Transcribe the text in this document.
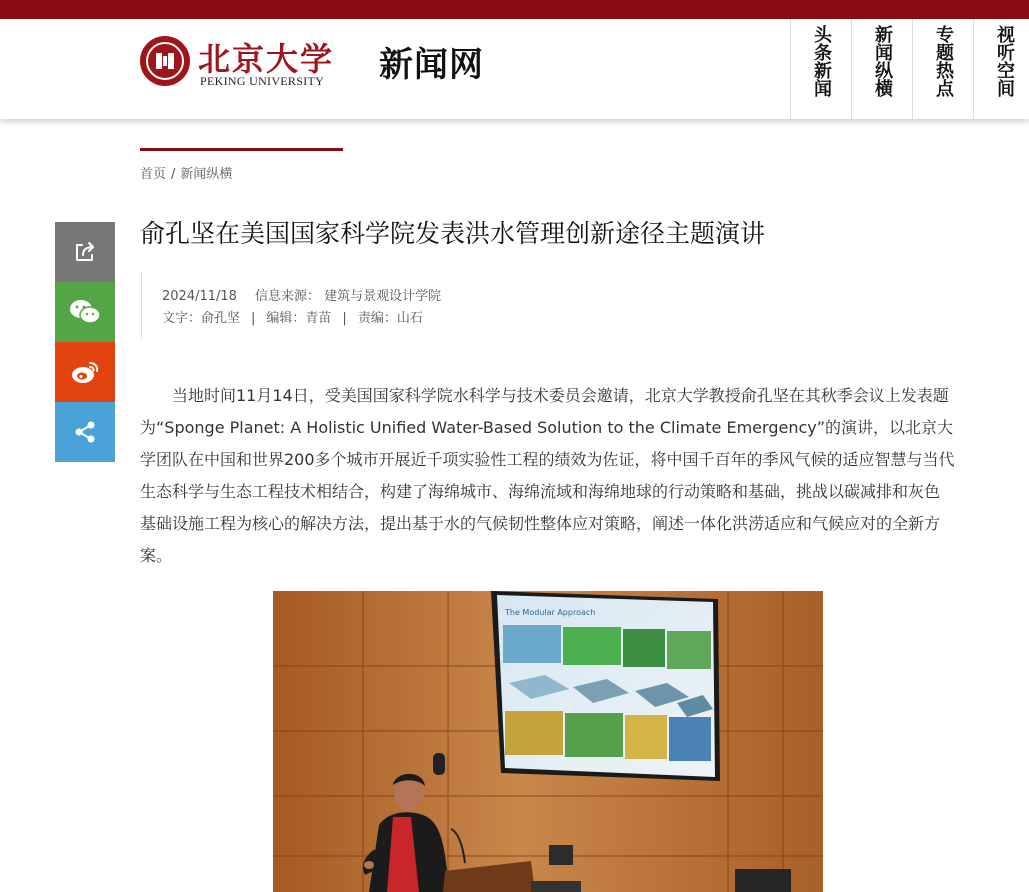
北京大学
PEKING UNIVERSITY 新闻网	头条新闻 新闻纵横 专题热点 视听空间
首页 / 新闻纵横
俞孔坚在美国国家科学院发表洪水管理创新途径主题演讲
2024/11/18 信息来源： 建筑与景观设计学院
文字：俞孔坚 | 编辑：青苗 | 责编：山石

当地时间11月14日，受美国国家科学院水科学与技术委员会邀请，北京大学教授俞孔坚在其秋季会议上发表题为“Sponge Planet: A Holistic Unified Water-Based Solution to the Climate Emergency”的演讲，以北京大学团队在中国和世界200多个城市开展近千项实验性工程的绩效为佐证，将中国千百年的季风气候的适应智慧与当代生态科学与生态工程技术相结合，构建了海绵城市、海绵流域和海绵地球的行动策略和基础，挑战以碳减排和灰色基础设施工程为核心的解决方法，提出基于水的气候韧性整体应对策略，阐述一体化洪涝适应和气候应对的全新方案。

The Modular Approach
